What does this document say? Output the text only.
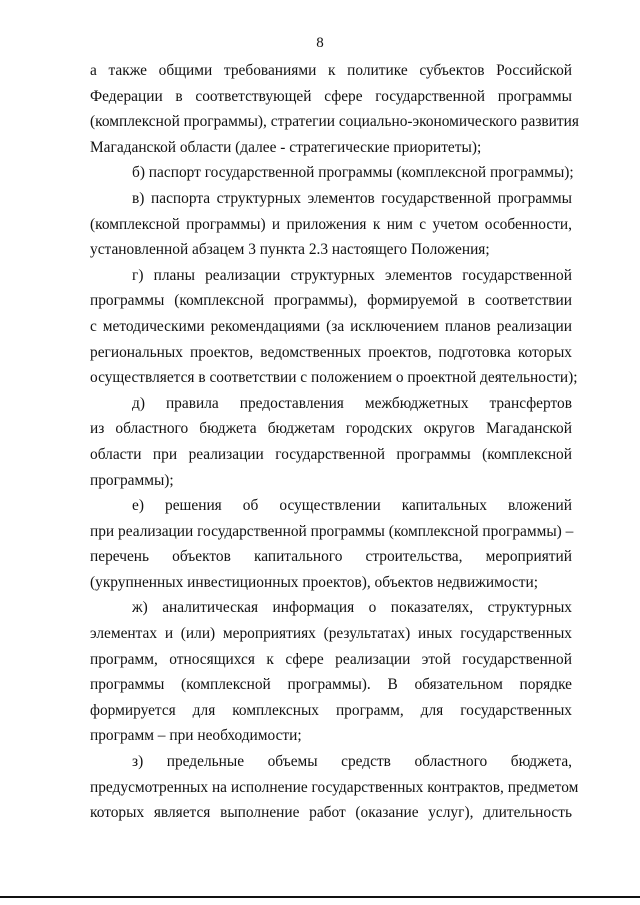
8
а также общими требованиями к политике субъектов Российской
Федерации в соответствующей сфере государственной программы
(комплексной программы), стратегии социально-экономического развития
Магаданской области (далее - стратегические приоритеты);
б) паспорт государственной программы (комплексной программы);
в) паспорта структурных элементов государственной программы
(комплексной программы) и приложения к ним с учетом особенности,
установленной абзацем 3 пункта 2.3 настоящего Положения;
г) планы реализации структурных элементов государственной
программы (комплексной программы), формируемой в соответствии
с методическими рекомендациями (за исключением планов реализации
региональных проектов, ведомственных проектов, подготовка которых
осуществляется в соответствии с положением о проектной деятельности);
д) правила предоставления межбюджетных трансфертов
из областного бюджета бюджетам городских округов Магаданской
области при реализации государственной программы (комплексной
программы);
е) решения об осуществлении капитальных вложений
при реализации государственной программы (комплексной программы) –
перечень объектов капитального строительства, мероприятий
(укрупненных инвестиционных проектов), объектов недвижимости;
ж) аналитическая информация о показателях, структурных
элементах и (или) мероприятиях (результатах) иных государственных
программ, относящихся к сфере реализации этой государственной
программы (комплексной программы). В обязательном порядке
формируется для комплексных программ, для государственных
программ – при необходимости;
з) предельные объемы средств областного бюджета,
предусмотренных на исполнение государственных контрактов, предметом
которых является выполнение работ (оказание услуг), длительность
